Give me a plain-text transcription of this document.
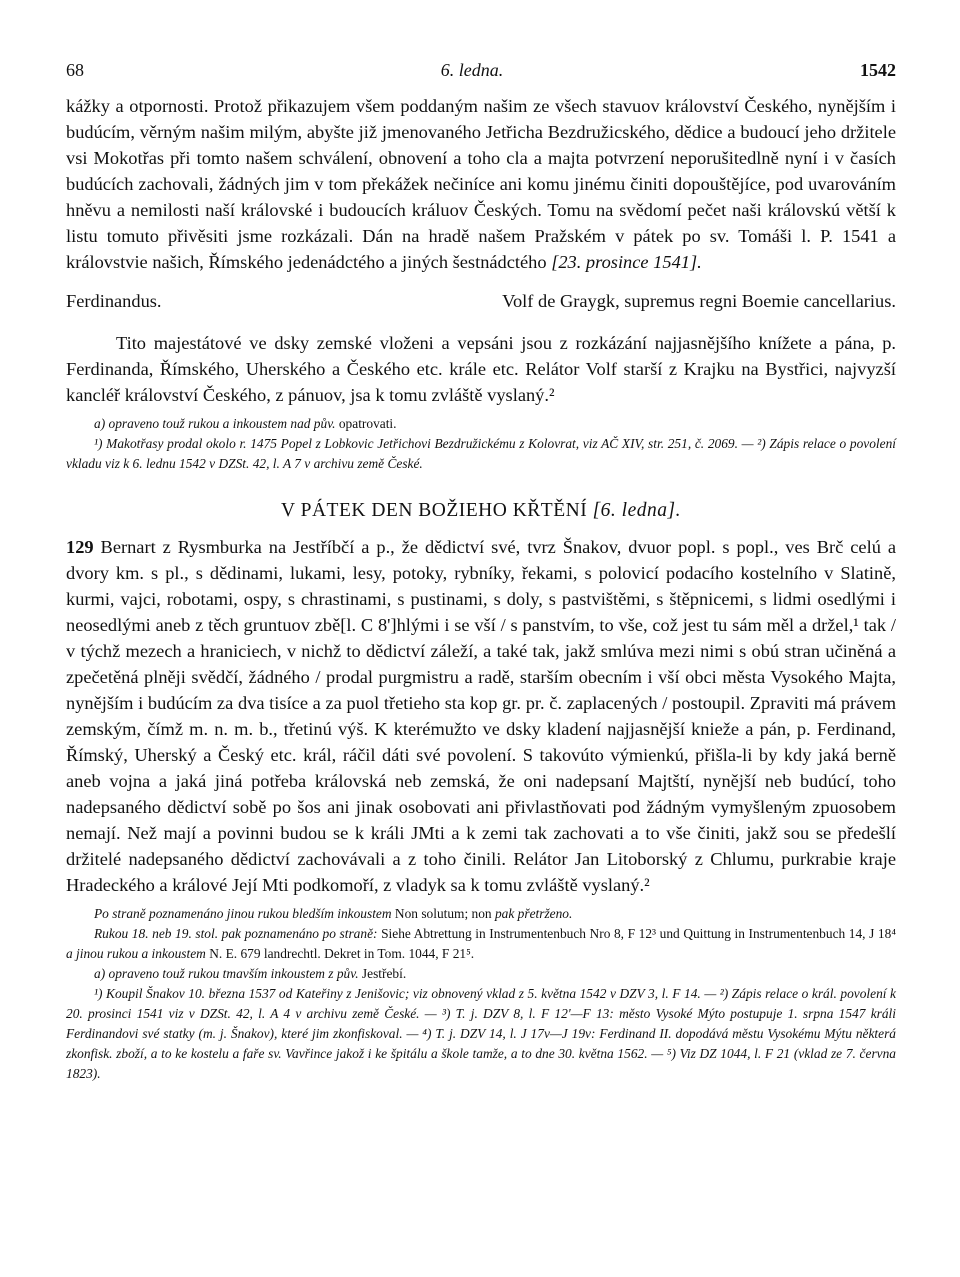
68	6. ledna.	1542

kážky a otpornosti. Protož přikazujem všem poddaným našim ze všech stavuov království Českého, nynějším i budúcím, věrným našim milým, abyšte již jmenovaného Jetřicha Bezdružicského, dědice a budoucí jeho držitele vsi Mokotřas při tomto našem schválení, obnovení a toho cla a majta potvrzení neporušitedlně nyní i v časích budúcích zachovali, žádných jim v tom překážek nečiníce ani komu jinému činiti dopouštějíce, pod uvarováním hněvu a nemilosti naší královské i budoucích králuov Českých. Tomu na svědomí pečet naši královskú větší k listu tomuto přivěsiti jsme rozkázali. Dán na hradě našem Pražském v pátek po sv. Tomáši l. P. 1541 a královstvie našich, Římského jedenádctého a jiných šestnádctého [23. prosince 1541].

Ferdinandus.	Volf de Graygk, supremus regni Boemie cancellarius.

Tito majestátové ve dsky zemské vloženi a vepsáni jsou z rozkázání najjasnějšího knížete a pána, p. Ferdinanda, Římského, Uherského a Českého etc. krále etc. Relátor Volf starší z Krajku na Bystřici, najvyzší kancléř království Českého, z pánuov, jsa k tomu zvláště vyslaný.²

a) opraveno touž rukou a inkoustem nad pův. opatrovati.

¹) Makotřasy prodal okolo r. 1475 Popel z Lobkovic Jetřichovi Bezdružickému z Kolovrat, viz AČ XIV, str. 251, č. 2069. — ²) Zápis relace o povolení vkladu viz k 6. lednu 1542 v DZSt. 42, l. A 7 v archivu země České.

V PÁTEK DEN BOŽIEHO KŘTĚNÍ [6. ledna].

129 Bernart z Rysmburka na Jestříbčí a p., že dědictví své, tvrz Šnakov, dvuor popl. s popl., ves Brč celú a dvory km. s pl., s dědinami, lukami, lesy, potoky, rybníky, řekami, s polovicí podacího kostelního v Slatině, kurmi, vajci, robotami, ospy, s chrastinami, s pustinami, s doly, s pastvištěmi, s štěpnicemi, s lidmi osedlými i neosedlými aneb z těch gruntuov zbě[l. C 8']hlými i se vší / s panstvím, to vše, což jest tu sám měl a držel,¹ tak / v týchž mezech a hraniciech, v nichž to dědictví záleží, a také tak, jakž smlúva mezi nimi s obú stran učiněná a zpečetěná plněji svědčí, žádného / prodal purgmistru a radě, starším obecním i vší obci města Vysokého Majta, nynějším i budúcím za dva tisíce a za puol třetieho sta kop gr. pr. č. zaplacených / postoupil. Zpraviti má právem zemským, čímž m. n. m. b., třetinú výš. K kterémužto ve dsky kladení najjasnější knieže a pán, p. Ferdinand, Římský, Uherský a Český etc. král, ráčil dáti své povolení. S takovúto výmienkú, přišla-li by kdy jaká berně aneb vojna a jaká jiná potřeba královská neb zemská, že oni nadepsaní Majtští, nynější neb budúcí, toho nadepsaného dědictví sobě po šos ani jinak osobovati ani přivlastňovati pod žádným vymyšleným zpuosobem nemají. Než mají a povinni budou se k králi JMti a k zemi tak zachovati a to vše činiti, jakž sou se předešlí držitelé nadepsaného dědictví zachovávali a z toho činili. Relátor Jan Litoborský z Chlumu, purkrabie kraje Hradeckého a králové Její Mti podkomoří, z vladyk sa k tomu zvláště vyslaný.²

Po straně poznamenáno jinou rukou bledším inkoustem Non solutum; non pak přetrženo.

Rukou 18. neb 19. stol. pak poznamenáno po straně: Siehe Abtrettung in Instrumentenbuch Nro 8, F 12³ und Quittung in Instrumentenbuch 14, J 18⁴ a jinou rukou a inkoustem N. E. 679 landrechtl. Dekret in Tom. 1044, F 21⁵.

a) opraveno touž rukou tmavším inkoustem z pův. Jestřebí.

¹) Koupil Šnakov 10. března 1537 od Kateřiny z Jenišovic; viz obnovený vklad z 5. května 1542 v DZV 3, l. F 14. — ²) Zápis relace o král. povolení k 20. prosinci 1541 viz v DZSt. 42, l. A 4 v archivu země České. — ³) T. j. DZV 8, l. F 12'—F 13: město Vysoké Mýto postupuje 1. srpna 1547 králi Ferdinandovi své statky (m. j. Šnakov), které jim zkonfiskoval. — ⁴) T. j. DZV 14, l. J 17v—J 19v: Ferdinand II. dopodává městu Vysokému Mýtu některá zkonfisk. zboží, a to ke kostelu a faře sv. Vavřince jakož i ke špitálu a škole tamže, a to dne 30. května 1562. — ⁵) Viz DZ 1044, l. F 21 (vklad ze 7. června 1823).
